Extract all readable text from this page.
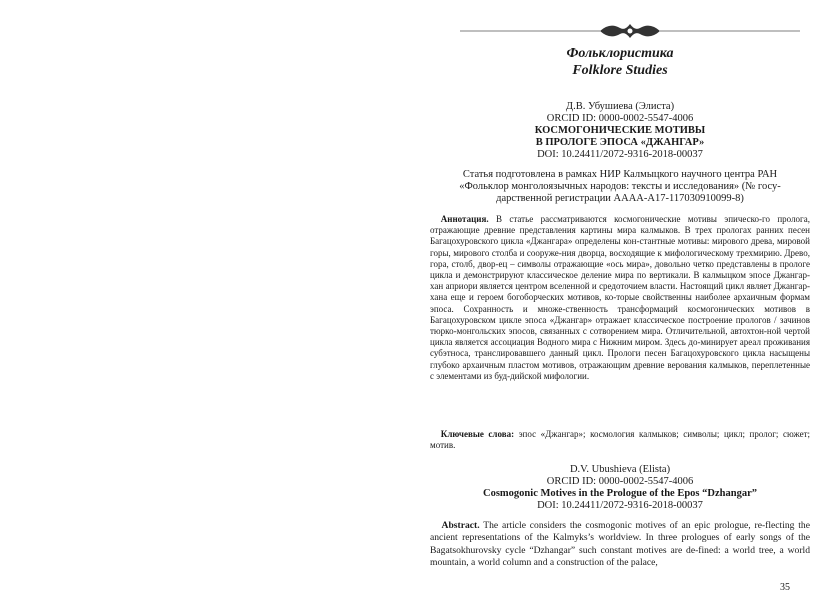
Фольклористика
Folklore Studies
Д.В. Убушиева (Элиста)
ORCID ID: 0000-0002-5547-4006
КОСМОГОНИЧЕСКИЕ МОТИВЫ
В ПРОЛОГЕ ЭПОСА «ДЖАНГАР»
DOI: 10.24411/2072-9316-2018-00037
Статья подготовлена в рамках НИР Калмыцкого научного центра РАН
«Фольклор монголоязычных народов: тексты и исследования» (№ госу-
дарственной регистрации АААА-А17-117030910099-8)
Аннотация. В статье рассматриваются космогонические мотивы эпическо-го пролога, отражающие древние представления картины мира калмыков. В трех прологах ранних песен Багацохуровского цикла «Джангара» определены кон-стантные мотивы: мирового древа, мировой горы, мирового столба и сооруже-ния дворца, восходящие к мифологическому трехмирию. Древо, гора, столб, двор-ец – символы отражающие «ось мира», довольно четко представлены в прологе цикла и демонстрируют классическое деление мира по вертикали. В калмыцком эпосе Джангар-хан априори является центром вселенной и средоточием власти. Настоящий цикл являет Джангар-хана еще и героем богоборческих мотивов, ко-торые свойственны наиболее архаичным формам эпоса. Сохранность и множе-ственность трансформаций космогонических мотивов в Багацохуровском цикле эпоса «Джангар» отражает классическое построение прологов / зачинов тюрко-монгольских эпосов, связанных с сотворением мира. Отличительной, автохтон-ной чертой цикла является ассоциация Водного мира с Нижним миром. Здесь до-минирует ареал проживания субэтноса, транслировавшего данный цикл. Прологи песен Багацохуровского цикла насыщены глубоко архаичным пластом мотивов, отражающим древние верования калмыков, переплетенные с элементами из буд-дийской мифологии.
Ключевые слова: эпос «Джангар»; космология калмыков; символы; цикл; пролог; сюжет; мотив.
D.V. Ubushieva (Elista)
ORCID ID: 0000-0002-5547-4006
Cosmogonic Motives in the Prologue of the Epos “Dzhangar”
DOI: 10.24411/2072-9316-2018-00037
Abstract. The article considers the cosmogonic motives of an epic prologue, re-flecting the ancient representations of the Kalmyks’s worldview. In three prologues of early songs of the Bagatsokhurovsky cycle “Dzhangar” such constant motives are de-fined: a world tree, a world mountain, a world column and a construction of the palace,
35
